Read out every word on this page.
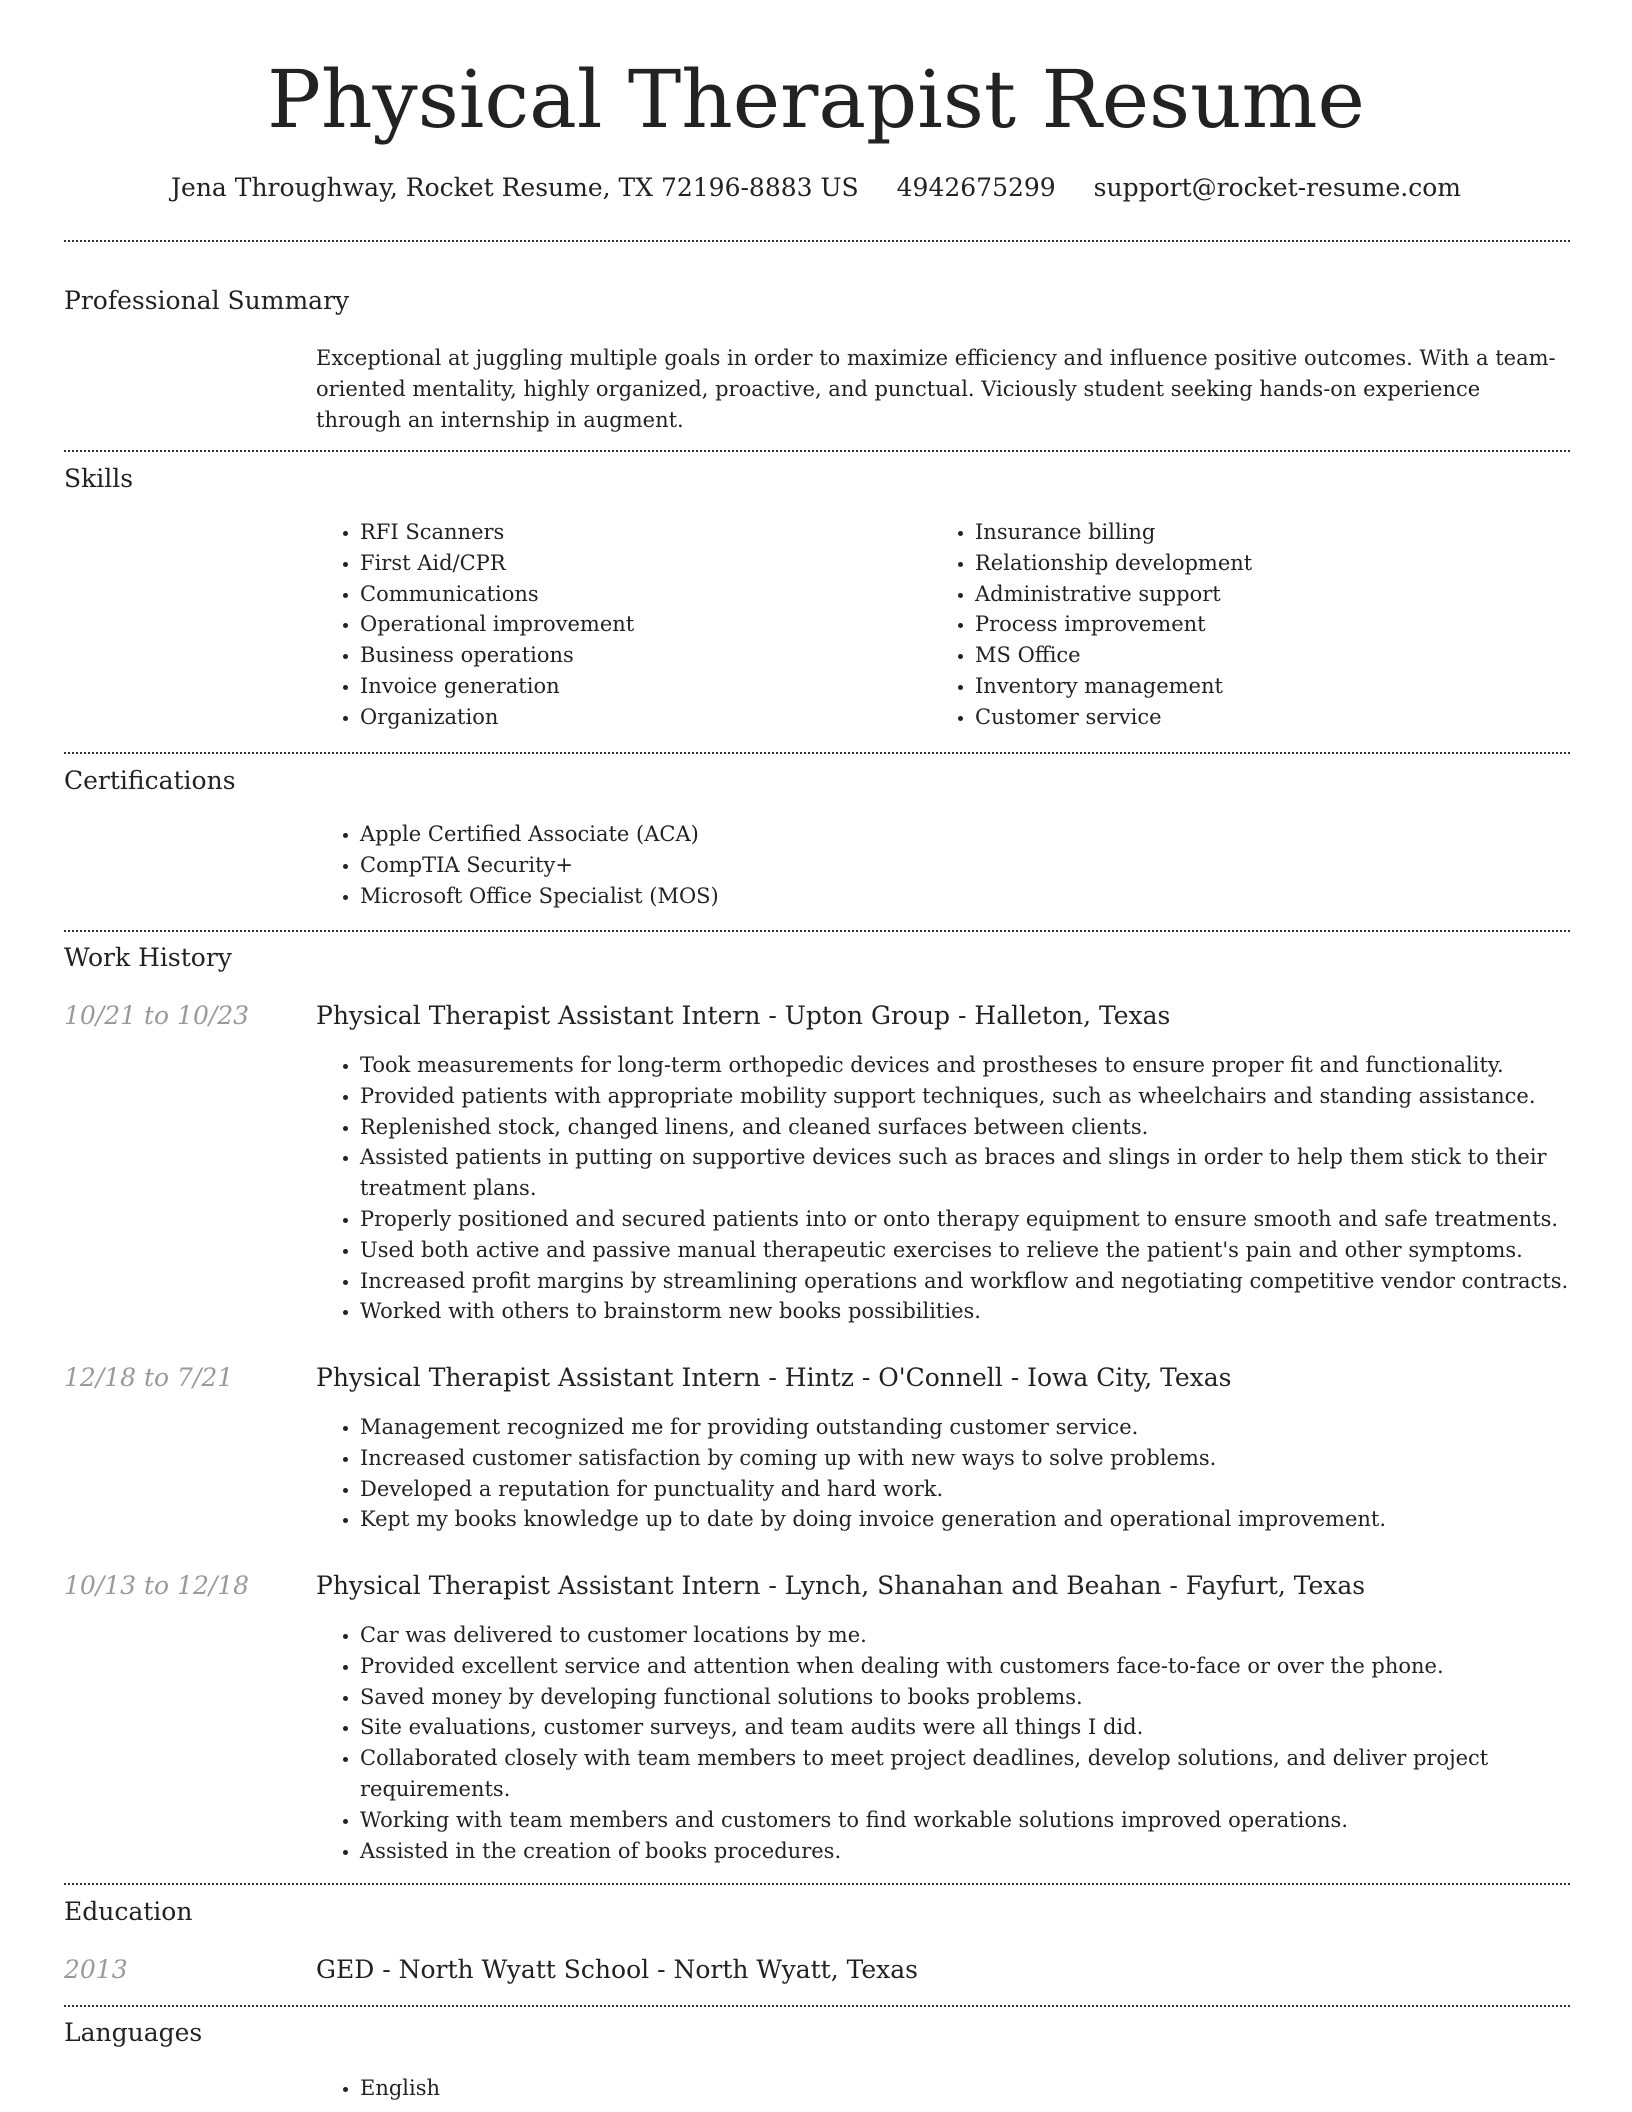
Physical Therapist Resume
Jena Throughway, Rocket Resume, TX 72196-8883 US 4942675299 support@rocket-resume.com
Professional Summary

Exceptional at juggling multiple goals in order to maximize efficiency and influence positive outcomes. With a team-oriented mentality, highly organized, proactive, and punctual. Viciously student seeking hands-on experience through an internship in augment.

Skills
• RFI Scanners
• First Aid/CPR
• Communications
• Operational improvement
• Business operations
• Invoice generation
• Organization
• Insurance billing
• Relationship development
• Administrative support
• Process improvement
• MS Office
• Inventory management
• Customer service
Certifications
• Apple Certified Associate (ACA)
• CompTIA Security+
• Microsoft Office Specialist (MOS)
Work History
10/21 to 10/23	Physical Therapist Assistant Intern - Upton Group - Halleton, Texas
• Took measurements for long-term orthopedic devices and prostheses to ensure proper fit and functionality.
• Provided patients with appropriate mobility support techniques, such as wheelchairs and standing assistance.
• Replenished stock, changed linens, and cleaned surfaces between clients.
• Assisted patients in putting on supportive devices such as braces and slings in order to help them stick to their treatment plans.
• Properly positioned and secured patients into or onto therapy equipment to ensure smooth and safe treatments.
• Used both active and passive manual therapeutic exercises to relieve the patient's pain and other symptoms.
• Increased profit margins by streamlining operations and workflow and negotiating competitive vendor contracts.
• Worked with others to brainstorm new books possibilities.
12/18 to 7/21	Physical Therapist Assistant Intern - Hintz - O'Connell - Iowa City, Texas
• Management recognized me for providing outstanding customer service.
• Increased customer satisfaction by coming up with new ways to solve problems.
• Developed a reputation for punctuality and hard work.
• Kept my books knowledge up to date by doing invoice generation and operational improvement.
10/13 to 12/18	Physical Therapist Assistant Intern - Lynch, Shanahan and Beahan - Fayfurt, Texas
• Car was delivered to customer locations by me.
• Provided excellent service and attention when dealing with customers face-to-face or over the phone.
• Saved money by developing functional solutions to books problems.
• Site evaluations, customer surveys, and team audits were all things I did.
• Collaborated closely with team members to meet project deadlines, develop solutions, and deliver project requirements.
• Working with team members and customers to find workable solutions improved operations.
• Assisted in the creation of books procedures.
Education
2013	GED - North Wyatt School - North Wyatt, Texas
Languages
• English
